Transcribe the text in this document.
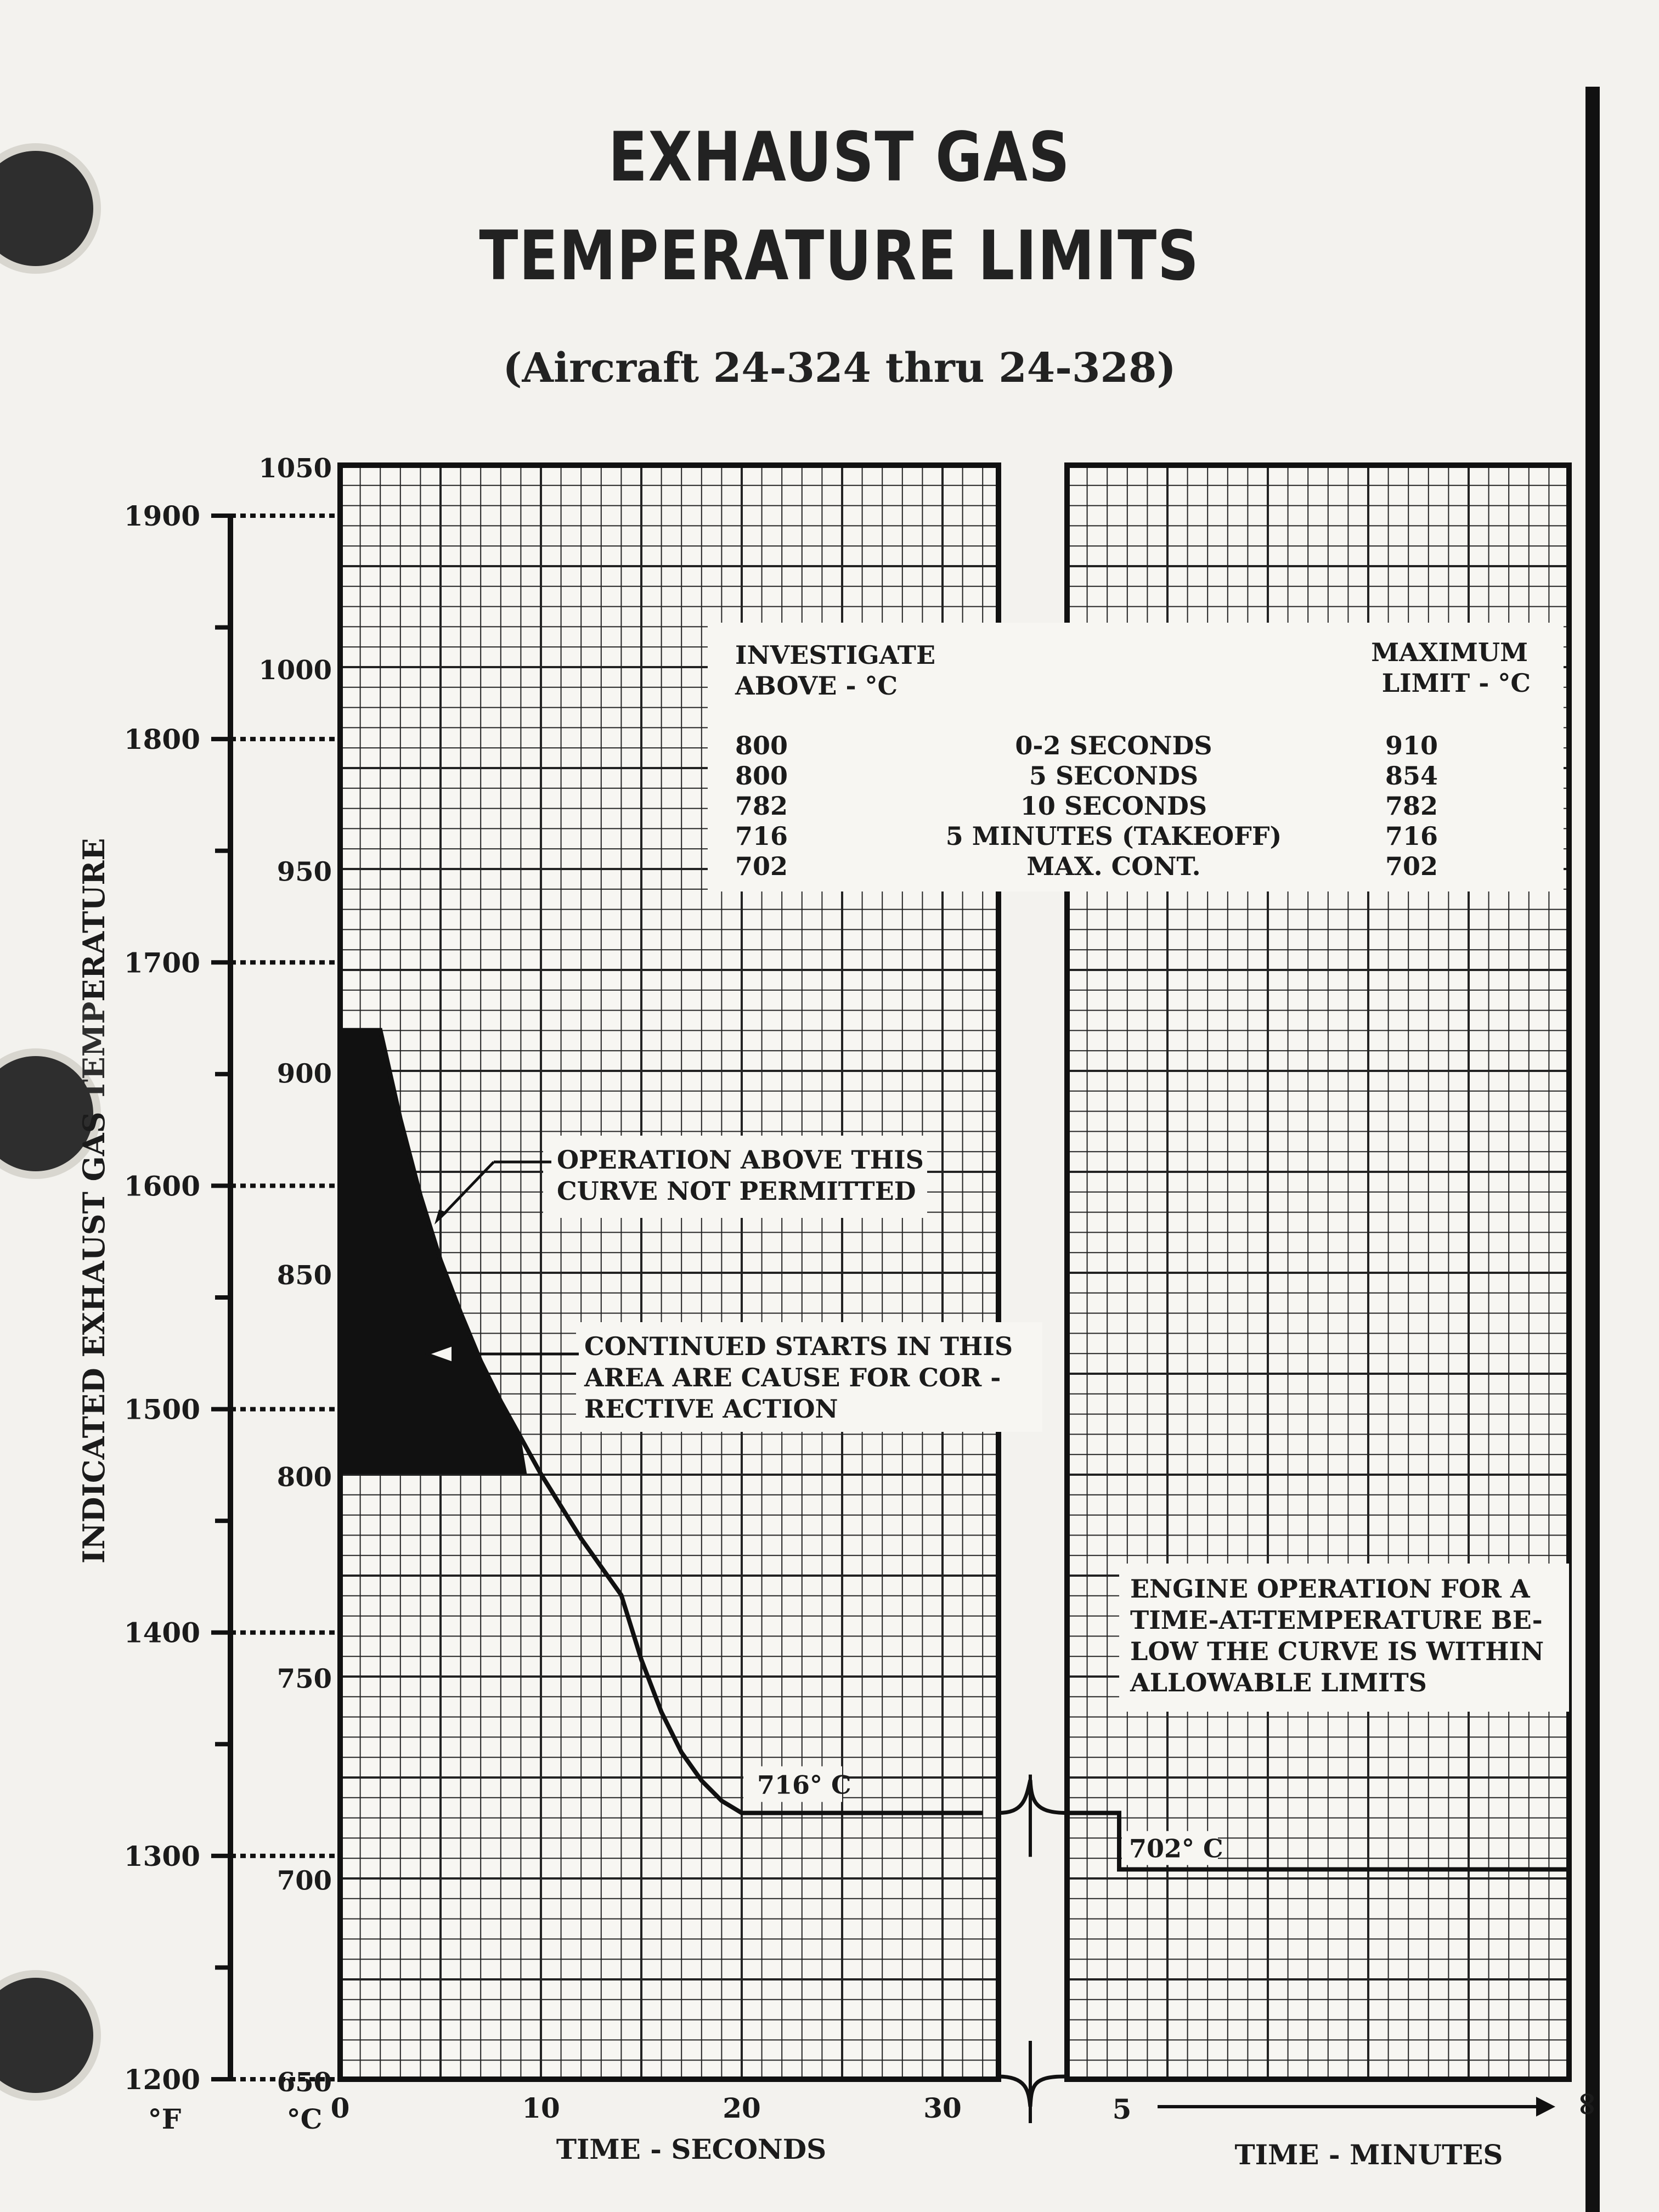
EXHAUST GAS
TEMPERATURE LIMITS
(Aircraft 24-324 thru 24-328)
1200
1300
1400
1500
1600
1700
1800
1900
650
700
750
800
850
900
950
1000
1050
°F	°C
INDICATED EXHAUST GAS TEMPERATURE
0	10	20	30	5	∞
TIME - SECONDS	TIME - MINUTES
INVESTIGATE
ABOVE - °C
MAXIMUM
LIMIT - °C
800	0-2 SECONDS	910
800	5 SECONDS	854
782	10 SECONDS	782
716	5 MINUTES (TAKEOFF)	716
702	MAX. CONT.	702
OPERATION ABOVE THIS
CURVE NOT PERMITTED
CONTINUED STARTS IN THIS
AREA ARE CAUSE FOR COR -
RECTIVE ACTION
ENGINE OPERATION FOR A
TIME-AT-TEMPERATURE BE-
LOW THE CURVE IS WITHIN
ALLOWABLE LIMITS
716° C
702° C
